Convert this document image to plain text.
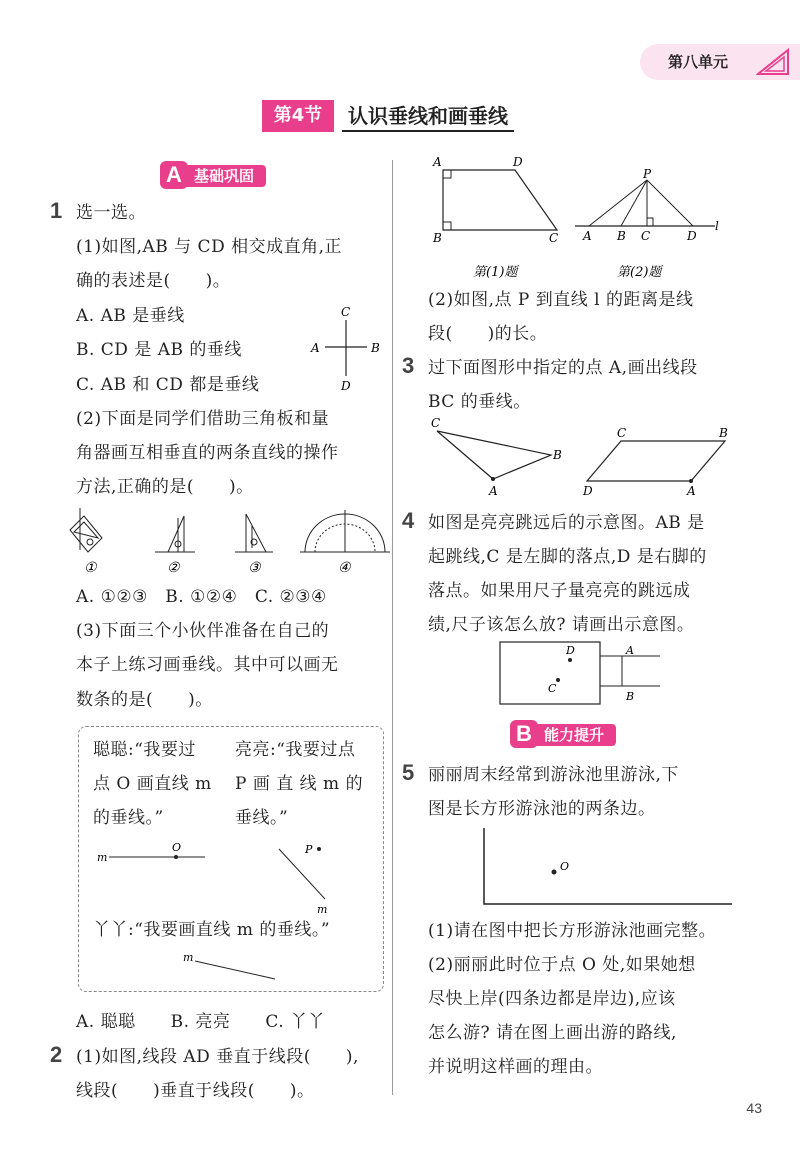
第八单元
第4节	认识垂线和画垂线
A 基础巩固
1 选一选。
(1)如图,AB 与 CD 相交成直角,正
确的表述是(　　)。
A. AB 是垂线
B. CD 是 AB 的垂线
C. AB 和 CD 都是垂线
A	B
C
D
(2)下面是同学们借助三角板和量
角器画互相垂直的两条直线的操作
方法,正确的是(　　)。
①	②	③	④
A. ①②③　B. ①②④　C. ②③④
(3)下面三个小伙伴准备在自己的
本子上练习画垂线。其中可以画无
数条的是(　　)。
聪聪:“我要过
点 O 画直线 m
的垂线。”
亮亮:“我要过点
P 画 直 线 m 的
垂线。”
m
O	P
m
丫丫:“我要画直线 m 的垂线。”
m
A. 聪聪　　B. 亮亮　　C. 丫丫
2 (1)如图,线段 AD 垂直于线段(　　),
线段(　　)垂直于线段(　　)。
A	D
B	C
P
A B C	D
l
第(1)题	第(2)题
(2)如图,点 P 到直线 l 的距离是线
段(　　)的长。
3 过下面图形中指定的点 A,画出线段
BC 的垂线。
C
B
A
C	B
D	A
4 如图是亮亮跳远后的示意图。AB 是
起跳线,C 是左脚的落点,D 是右脚的
落点。如果用尺子量亮亮的跳远成
绩,尺子该怎么放? 请画出示意图。
D
C
A
B
B 能力提升
5 丽丽周末经常到游泳池里游泳,下
图是长方形游泳池的两条边。
O
(1)请在图中把长方形游泳池画完整。
(2)丽丽此时位于点 O 处,如果她想
尽快上岸(四条边都是岸边),应该
怎么游? 请在图上画出游的路线,
并说明这样画的理由。
43
